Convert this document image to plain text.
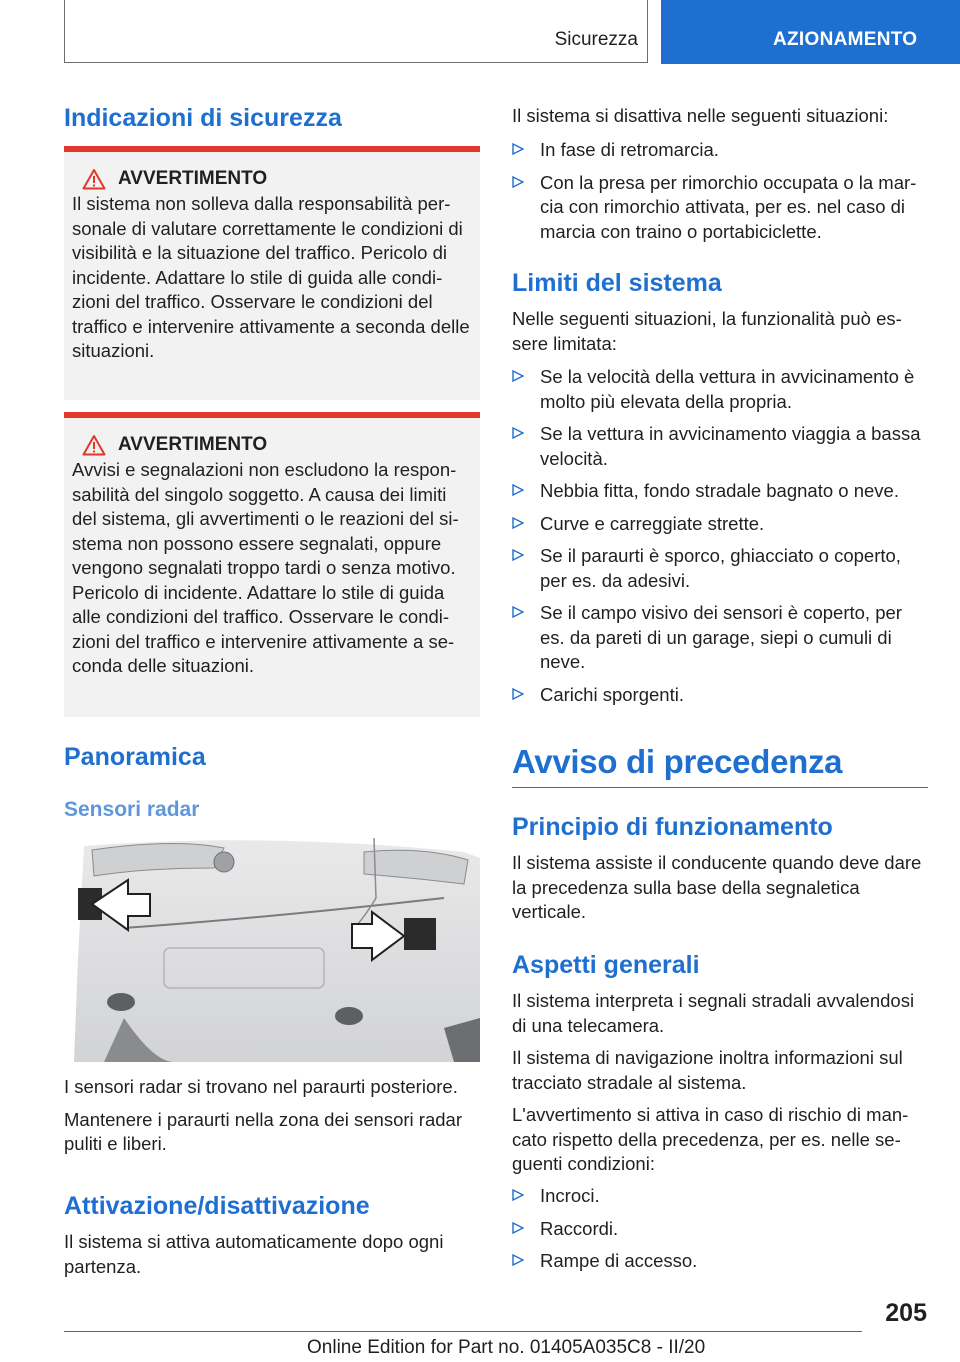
Sicurezza	AZIONAMENTO
Indicazioni di sicurezza
AVVERTIMENTO
Il sistema non solleva dalla responsabilità personale di valutare correttamente le condizioni di visibilità e la situazione del traffico. Pericolo di incidente. Adattare lo stile di guida alle condizioni del traffico. Osservare le condizioni del traffico e intervenire attivamente a seconda delle situazioni.
AVVERTIMENTO
Avvisi e segnalazioni non escludono la responsabilità del singolo soggetto. A causa dei limiti del sistema, gli avvertimenti o le reazioni del sistema non possono essere segnalati, oppure vengono segnalati troppo tardi o senza motivo. Pericolo di incidente. Adattare lo stile di guida alle condizioni del traffico. Osservare le condizioni del traffico e intervenire attivamente a seconda delle situazioni.
Panoramica
Sensori radar

I sensori radar si trovano nel paraurti posteriore.

Mantenere i paraurti nella zona dei sensori radar puliti e liberi.

Attivazione/disattivazione
Il sistema si attiva automaticamente dopo ogni partenza.
Il sistema si disattiva nelle seguenti situazioni:
In fase di retromarcia.
Con la presa per rimorchio occupata o la marcia con rimorchio attivata, per es. nel caso di marcia con traino o portabiciclette.
Limiti del sistema
Nelle seguenti situazioni, la funzionalità può essere limitata:
Se la velocità della vettura in avvicinamento è molto più elevata della propria.
Se la vettura in avvicinamento viaggia a bassa velocità.
Nebbia fitta, fondo stradale bagnato o neve.
Curve e carreggiate strette.
Se il paraurti è sporco, ghiacciato o coperto, per es. da adesivi.
Se il campo visivo dei sensori è coperto, per es. da pareti di un garage, siepi o cumuli di neve.
Carichi sporgenti.
Avviso di precedenza
Principio di funzionamento
Il sistema assiste il conducente quando deve dare la precedenza sulla base della segnaletica verticale.
Aspetti generali

Il sistema interpreta i segnali stradali avvalendosi di una telecamera.

Il sistema di navigazione inoltra informazioni sul tracciato stradale al sistema.

L'avvertimento si attiva in caso di rischio di mancato rispetto della precedenza, per es. nelle seguenti condizioni:

Incroci.
Raccordi.
Rampe di accesso.
205
Online Edition for Part no. 01405A035C8 - II/20
